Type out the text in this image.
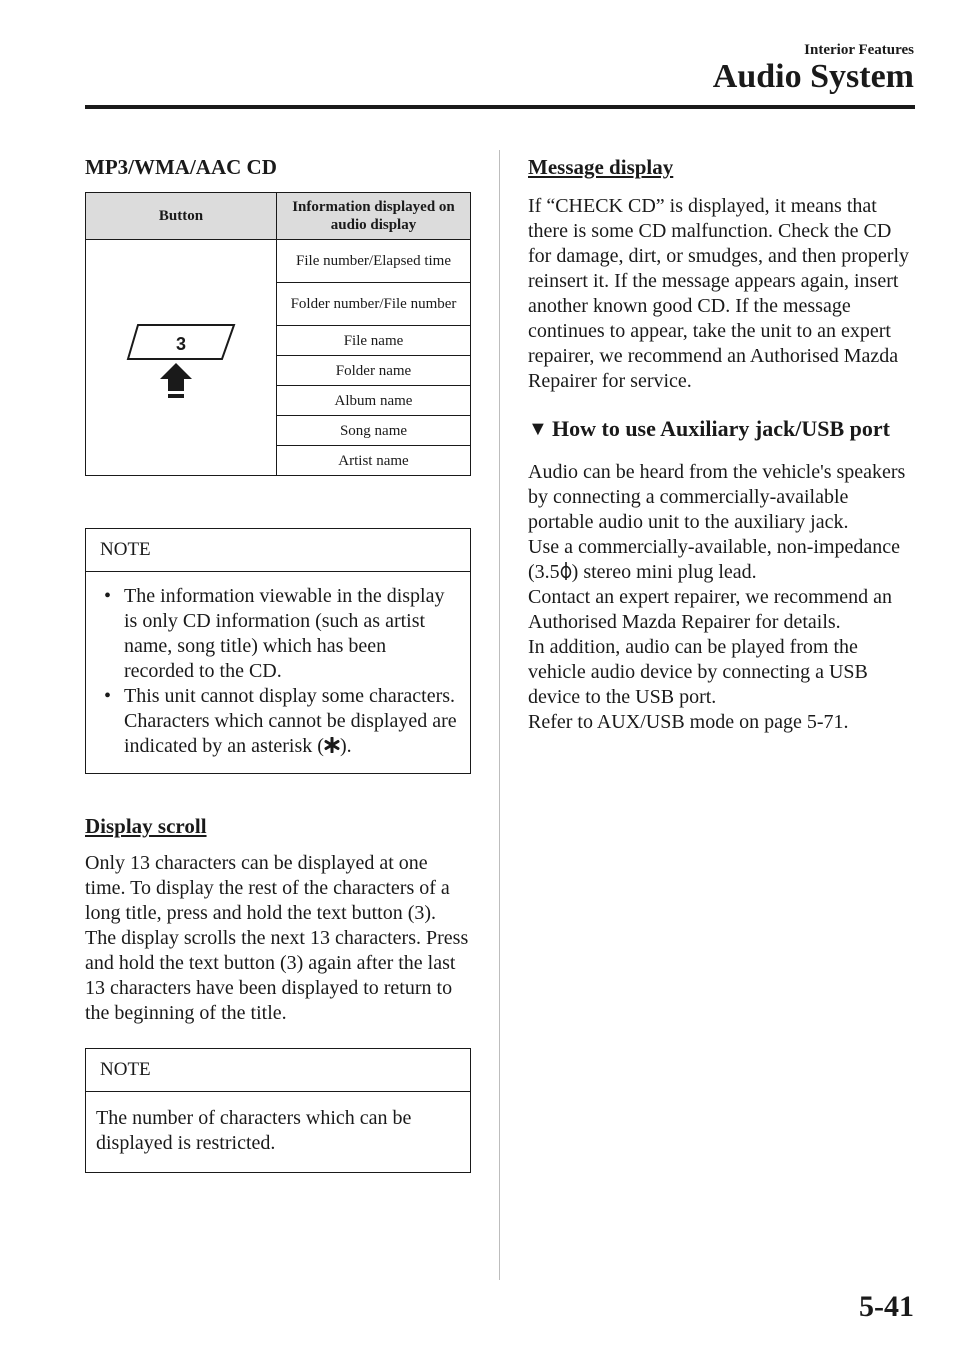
Interior Features
Audio System
MP3/WMA/AAC CD
Button	Information displayed on audio display

3	File number/Elapsed time
	Folder number/File number
	File name
	Folder name
	Album name
	Song name
	Artist name
NOTE
• The information viewable in the display is only CD information (such as artist name, song title) which has been recorded to the CD.
• This unit cannot display some characters. Characters which cannot be displayed are indicated by an asterisk ( ).
Display scroll

Only 13 characters can be displayed at one time. To display the rest of the characters of a long title, press and hold the text button (3). The display scrolls the next 13 characters. Press and hold the text button (3) again after the last 13 characters have been displayed to return to the beginning of the title.

NOTE
The number of characters which can be displayed is restricted.
Message display

If “CHECK CD” is displayed, it means that there is some CD malfunction. Check the CD for damage, dirt, or smudges, and then properly reinsert it. If the message appears again, insert another known good CD. If the message continues to appear, take the unit to an expert repairer, we recommend an Authorised Mazda Repairer for service.

▼ How to use Auxiliary jack/USB port

Audio can be heard from the vehicle's speakers by connecting a commercially-available portable audio unit to the auxiliary jack.

Use a commercially-available, non-impedance (3.5 ) stereo mini plug lead.

Contact an expert repairer, we recommend an Authorised Mazda Repairer for details.

In addition, audio can be played from the vehicle audio device by connecting a USB device to the USB port.

Refer to AUX/USB mode on page 5-71.

5-41
